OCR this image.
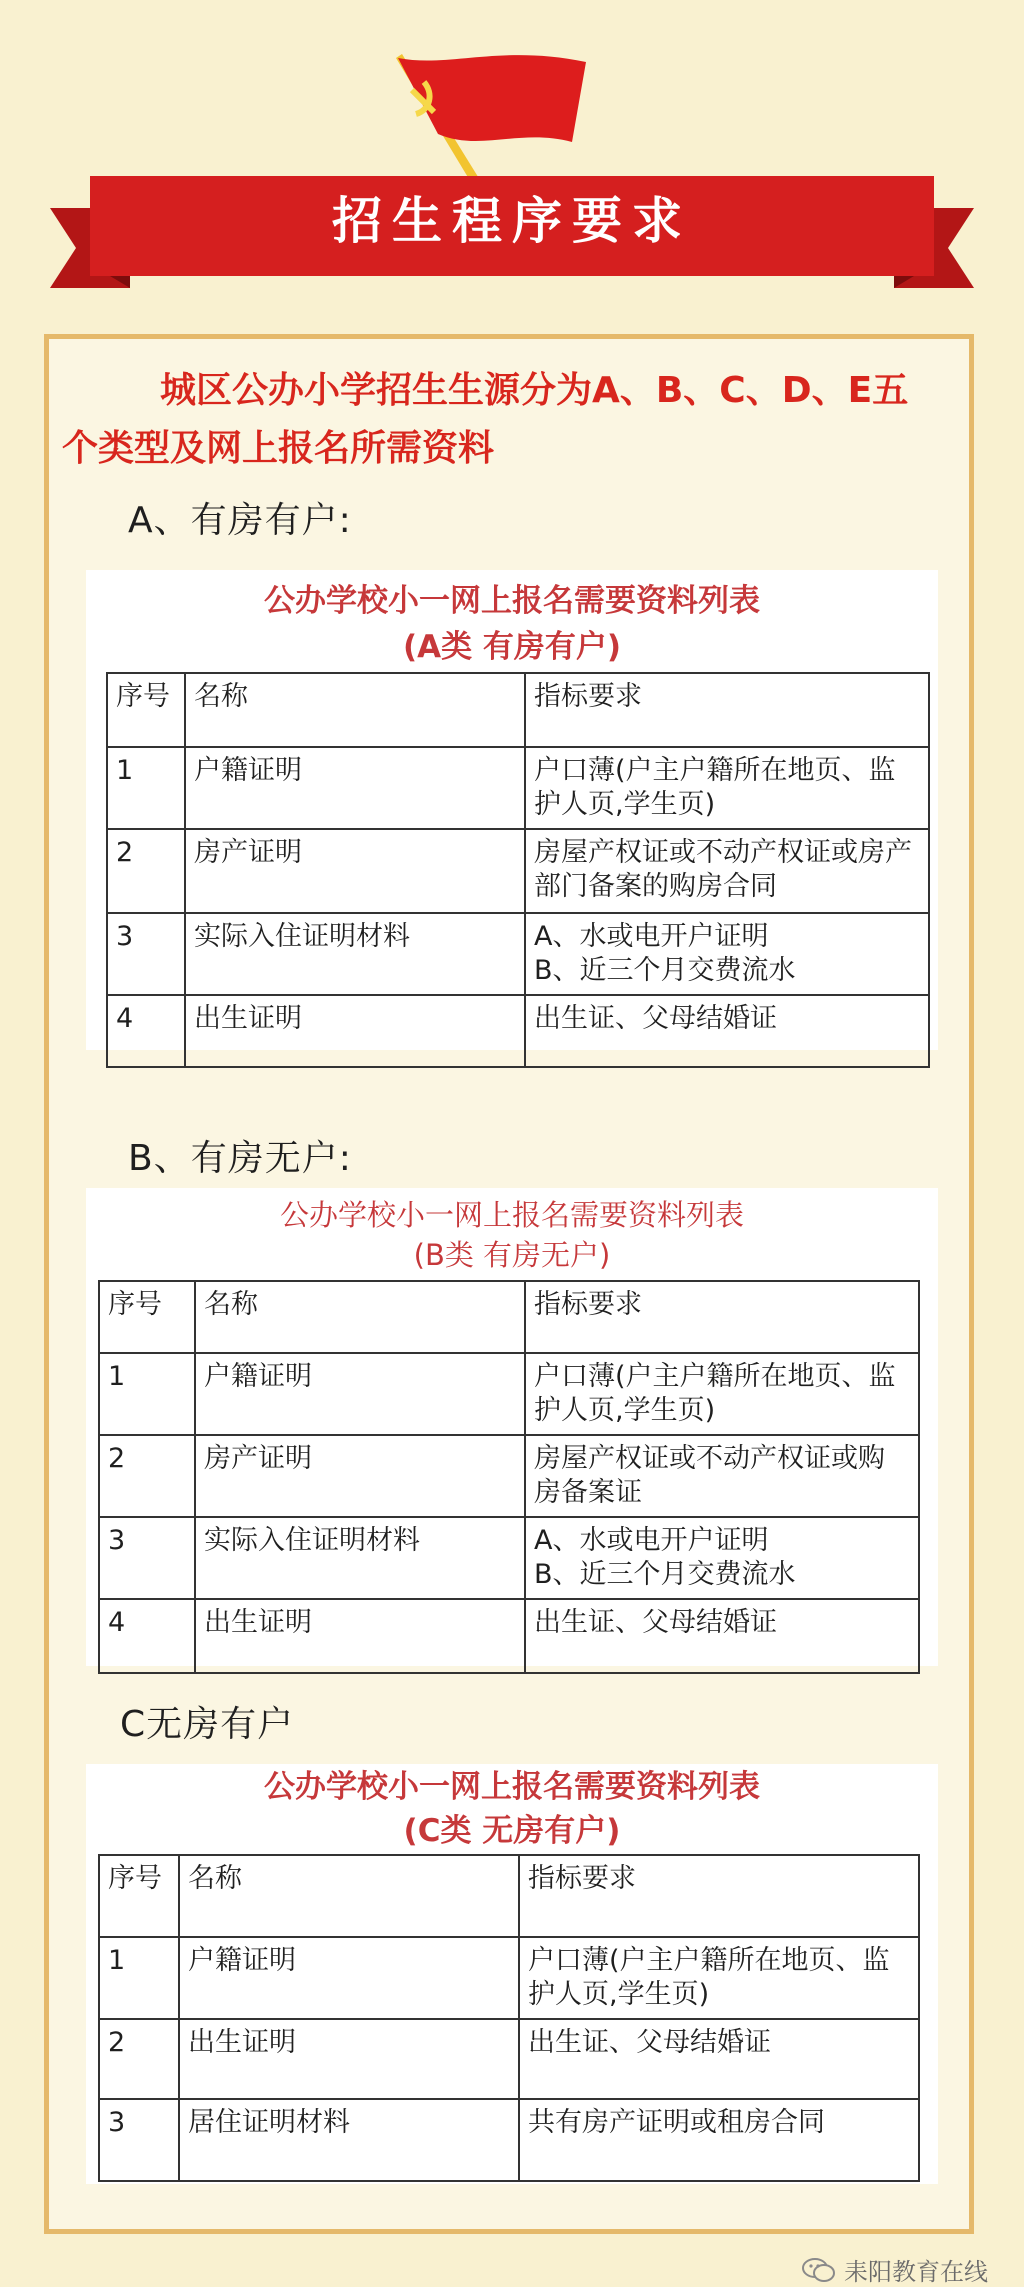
招生程序要求
城区公办小学招生生源分为A、B、C、D、E五
个类型及网上报名所需资料
A、有房有户:
公办学校小一网上报名需要资料列表
(A类 有房有户)
序号	名称	指标要求
1	户籍证明	户口薄(户主户籍所在地页、监护人页,学生页)
2	房产证明	房屋产权证或不动产权证或房产部门备案的购房合同
3	实际入住证明材料	A、水或电开户证明
B、近三个月交费流水
4	出生证明	出生证、父母结婚证
B、有房无户:
公办学校小一网上报名需要资料列表
(B类 有房无户)
序号	名称	指标要求
1	户籍证明	户口薄(户主户籍所在地页、监护人页,学生页)
2	房产证明	房屋产权证或不动产权证或购房备案证
3	实际入住证明材料	A、水或电开户证明
B、近三个月交费流水
4	出生证明	出生证、父母结婚证
C无房有户
公办学校小一网上报名需要资料列表
(C类 无房有户)
序号	名称	指标要求
1	户籍证明	户口薄(户主户籍所在地页、监护人页,学生页)
2	出生证明	出生证、父母结婚证
3	居住证明材料	共有房产证明或租房合同
耒阳教育在线
